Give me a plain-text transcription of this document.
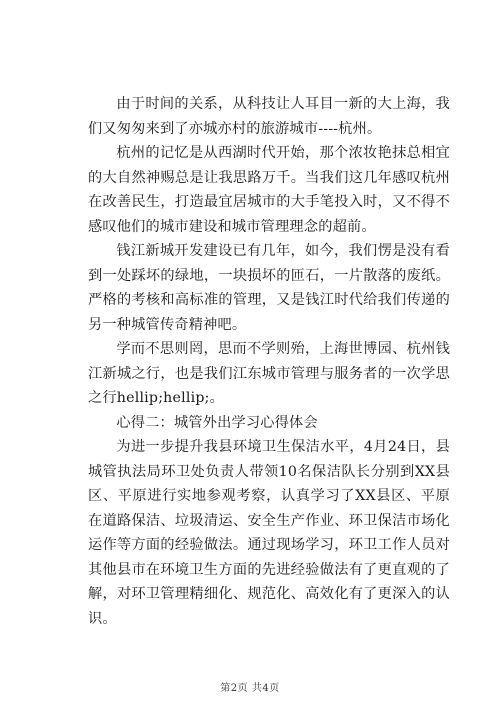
由于时间的关系，从科技让人耳目一新的大上海，我们又匆匆来到了亦城亦村的旅游城市----杭州。

杭州的记忆是从西湖时代开始，那个浓妆艳抹总相宜的大自然神赐总是让我思路万千。当我们这几年感叹杭州在改善民生，打造最宜居城市的大手笔投入时，又不得不感叹他们的城市建设和城市管理理念的超前。

钱江新城开发建设已有几年，如今，我们愣是没有看到一处踩坏的绿地，一块损坏的匝石，一片散落的废纸。严格的考核和高标准的管理，又是钱江时代给我们传递的另一种城管传奇精神吧。

学而不思则罔，思而不学则殆，上海世博园、杭州钱江新城之行，也是我们江东城市管理与服务者的一次学思之行hellip;hellip;。

心得二：城管外出学习心得体会

为进一步提升我县环境卫生保洁水平，4月24日，县城管执法局环卫处负责人带领10名保洁队长分别到XX县区、平原进行实地参观考察，认真学习了XX县区、平原在道路保洁、垃圾清运、安全生产作业、环卫保洁市场化运作等方面的经验做法。通过现场学习，环卫工作人员对其他县市在环境卫生方面的先进经验做法有了更直观的了解，对环卫管理精细化、规范化、高效化有了更深入的认识。

第2页 共4页
